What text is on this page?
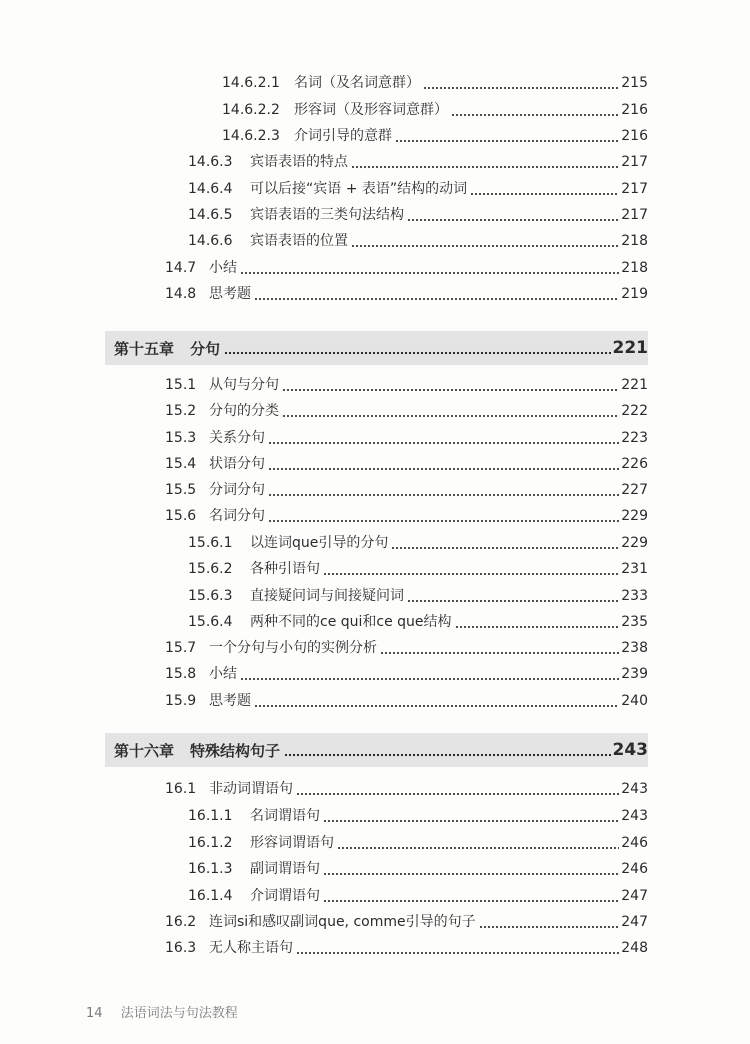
14.6.2.1	名词（及名词意群）	215
14.6.2.2	形容词（及形容词意群）	216
14.6.2.3	介词引导的意群	216
14.6.3	宾语表语的特点	217
14.6.4	可以后接“宾语 + 表语”结构的动词	217
14.6.5	宾语表语的三类句法结构	217
14.6.6	宾语表语的位置	218
14.7 小结	218
14.8 思考题	219
第十五章 分句	221
15.1 从句与分句	221
15.2 分句的分类	222
15.3 关系分句	223
15.4 状语分句	226
15.5 分词分句	227
15.6 名词分句	229
15.6.1	以连词que引导的分句	229
15.6.2	各种引语句	231
15.6.3	直接疑问词与间接疑问词	233
15.6.4	两种不同的ce qui和ce que结构	235
15.7 一个分句与小句的实例分析	238
15.8 小结	239
15.9 思考题	240
第十六章 特殊结构句子	243
16.1 非动词谓语句	243
16.1.1	名词谓语句	243
16.1.2	形容词谓语句	246
16.1.3	副词谓语句	246
16.1.4	介词谓语句	247
16.2 连词si和感叹副词que, comme引导的句子	247
16.3 无人称主语句	248
14 法语词法与句法教程
